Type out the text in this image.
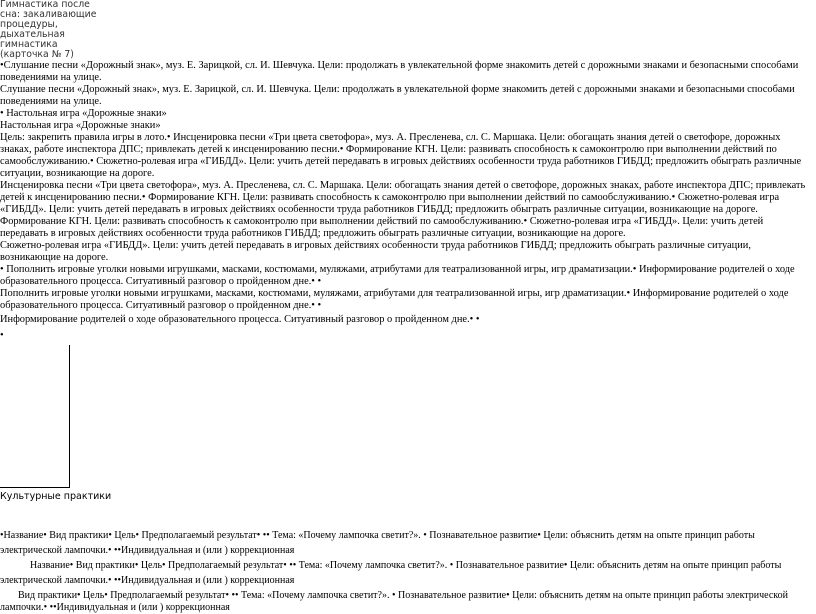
Гимнастика после
сна: закаливающие
процедуры,
дыхательная
гимнастика
(карточка № 7)
•Слушание песни «Дорожный знак», муз. Е. Зарицкой, сл. И. Шевчука. Цели: продолжать в увлекательной форме знакомить детей с дорожными знаками и безопасными способами поведениями на улице.
Слушание песни «Дорожный знак», муз. Е. Зарицкой, сл. И. Шевчука. Цели: продолжать в увлекательной форме знакомить детей с дорожными знаками и безопасными способами поведениями на улице.
• Настольная игра «Дорожные знаки»
Настольная игра «Дорожные знаки»
Цель: закрепить правила игры в лото.• Инсценировка песни «Три цвета светофора», муз. А. Пресленева, сл. С. Маршака. Цели: обогащать знания детей о светофоре, дорожных знаках, работе инспектора ДПС; привлекать детей к инсценированию песни.• Формирование КГН. Цели: развивать способность к самоконтролю при выполнении действий по самообслуживанию.• Сюжетно-ролевая игра «ГИБДД». Цели: учить детей передавать в игровых действиях особенности труда работников ГИБДД; предложить обыграть различные ситуации, возникающие на дороге.
Инсценировка песни «Три цвета светофора», муз. А. Пресленева, сл. С. Маршака. Цели: обогащать знания детей о светофоре, дорожных знаках, работе инспектора ДПС; привлекать детей к инсценированию песни.• Формирование КГН. Цели: развивать способность к самоконтролю при выполнении действий по самообслуживанию.• Сюжетно-ролевая игра «ГИБДД». Цели: учить детей передавать в игровых действиях особенности труда работников ГИБДД; предложить обыграть различные ситуации, возникающие на дороге.
Формирование КГН. Цели: развивать способность к самоконтролю при выполнении действий по самообслуживанию.• Сюжетно-ролевая игра «ГИБДД». Цели: учить детей передавать в игровых действиях особенности труда работников ГИБДД; предложить обыграть различные ситуации, возникающие на дороге.
Сюжетно-ролевая игра «ГИБДД». Цели: учить детей передавать в игровых действиях особенности труда работников ГИБДД; предложить обыграть различные ситуации, возникающие на дороге.
• Пополнить игровые уголки новыми игрушками, масками, костюмами, муляжами, атрибутами для театрализованной игры, игр драматизации.• Информирование родителей о ходе образовательного процесса. Ситуативный разговор о пройденном дне.• •
Пополнить игровые уголки новыми игрушками, масками, костюмами, муляжами, атрибутами для театрализованной игры, игр драматизации.• Информирование родителей о ходе образовательного процесса. Ситуативный разговор о пройденном дне.• •
Информирование родителей о ходе образовательного процесса. Ситуативный разговор о пройденном дне.• •
•
Культурные практики
•Название• Вид практики• Цель• Предполагаемый результат• •• Тема: «Почему лампочка светит?». • Познавательное развитие• Цели: объяснить детям на опыте принцип работы
электрической лампочки.• ••Индивидуальная и (или ) коррекционная
Название• Вид практики• Цель• Предполагаемый результат• •• Тема: «Почему лампочка светит?». • Познавательное развитие• Цели: объяснить детям на опыте принцип работы
электрической лампочки.• ••Индивидуальная и (или ) коррекционная
Вид практики• Цель• Предполагаемый результат• •• Тема: «Почему лампочка светит?». • Познавательное развитие• Цели: объяснить детям на опыте принцип работы электрической
лампочки.• ••Индивидуальная и (или ) коррекционная
